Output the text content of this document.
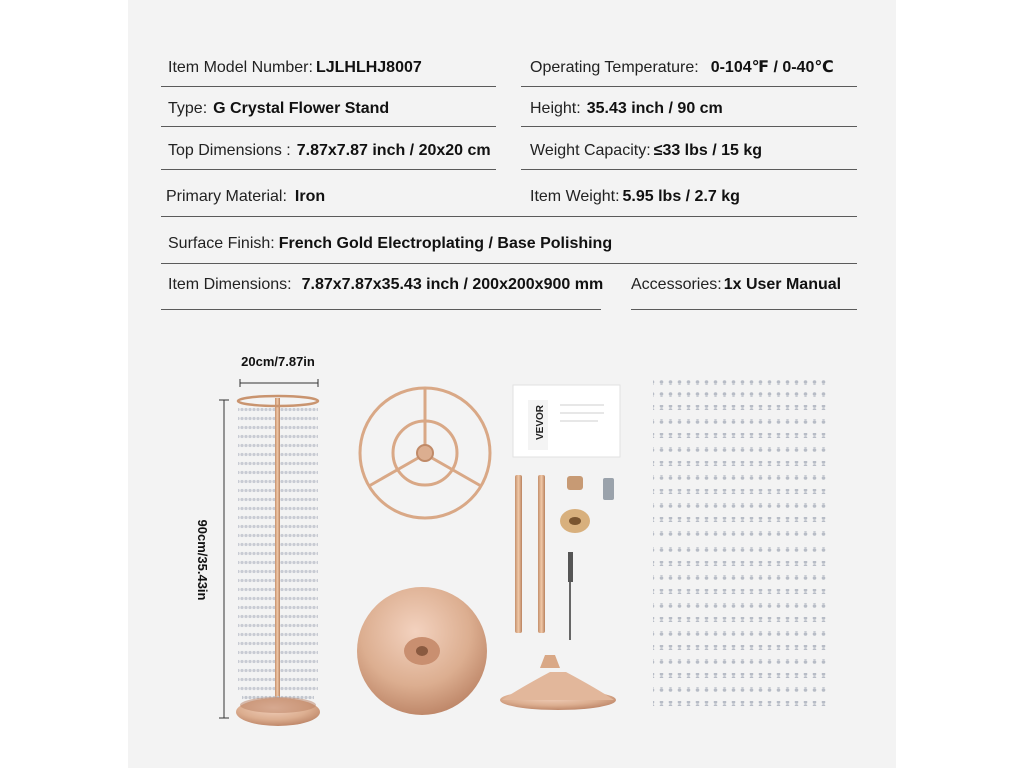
Item Model Number: LJLHLHJ8007	Operating Temperature: 0-104℉ / 0-40℃
Type: G Crystal Flower Stand	Height: 35.43 inch / 90 cm
Top Dimensions : 7.87x7.87 inch / 20x20 cm Weight Capacity: ≤33 lbs / 15 kg
Primary Material: Iron	Item Weight: 5.95 lbs / 2.7 kg
Surface Finish: French Gold Electroplating / Base Polishing
Item Dimensions: 7.87x7.87x35.43 inch / 200x200x900 mm Accessories: 1x User Manual
20cm/7.87in
90cm/35.43in
VEVOR
